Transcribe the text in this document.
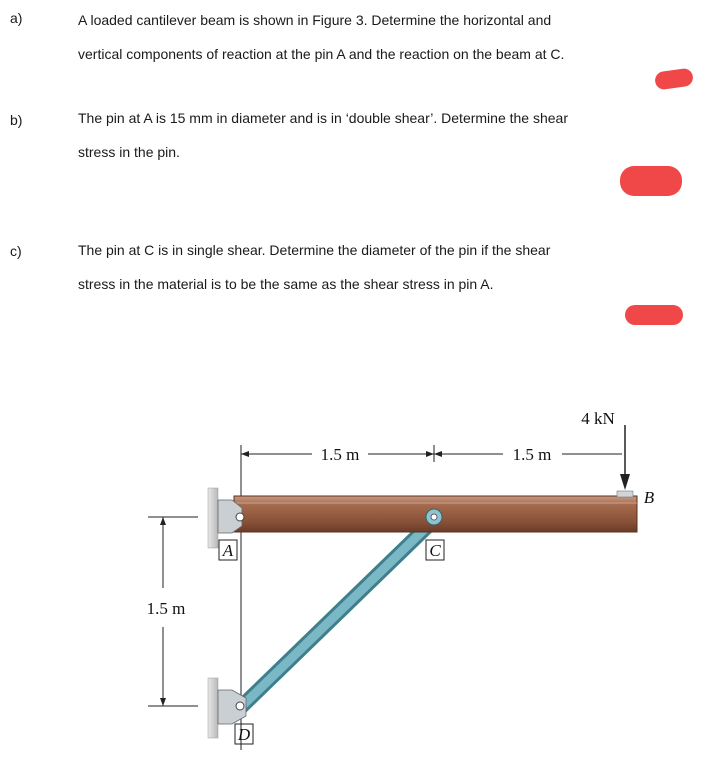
a)	A loaded cantilever beam is shown in Figure 3. Determine the horizontal and
vertical components of reaction at the pin A and the reaction on the beam at C.
b)	The pin at A is 15 mm in diameter and is in ‘double shear’. Determine the shear
stress in the pin.
c)	The pin at C is in single shear. Determine the diameter of the pin if the shear
stress in the material is to be the same as the shear stress in pin A.
1.5 m	1.5 m
1.5 m
4 kN
A	C
D
B
